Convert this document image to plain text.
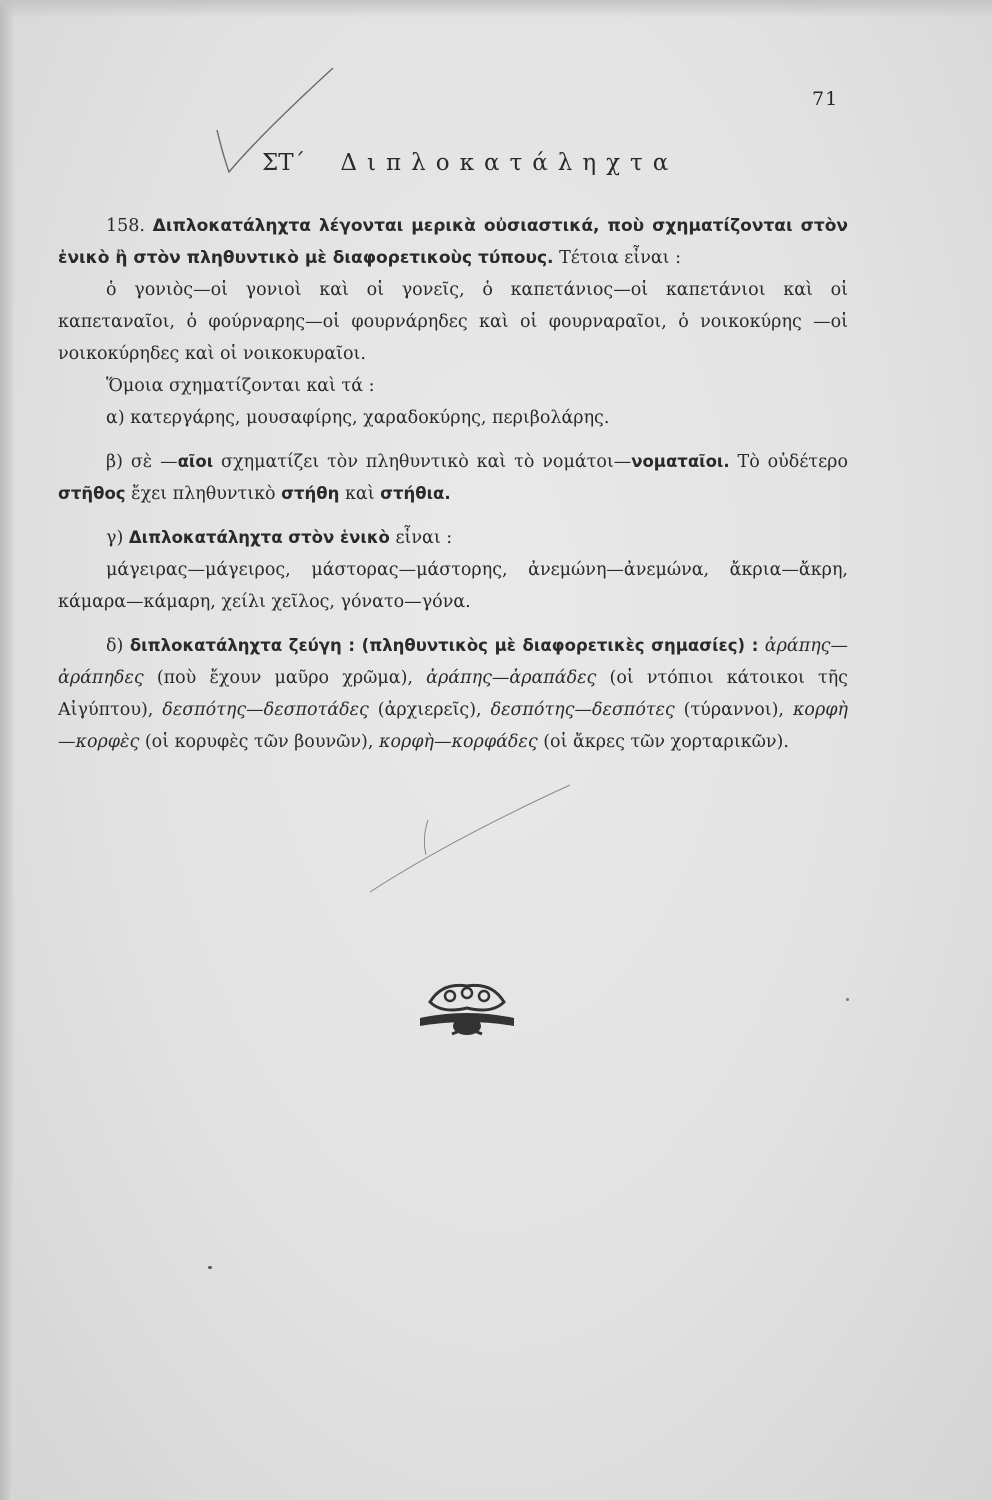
71
ΣΤ΄ Διπλοκατάληχτα

158. Διπλοκατάληχτα λέγονται μερικὰ οὐσιαστικά, ποὺ σχηματίζονται στὸν ἑνικὸ ἢ στὸν πληθυντικὸ μὲ διαφορετικοὺς τύπους. Τέτοια εἶναι :

ὁ γονιὸς—οἱ γονιοὶ καὶ οἱ γονεῖς, ὁ καπετάνιος—οἱ καπετάνιοι καὶ οἱ καπεταναῖοι, ὁ φούρναρης—οἱ φουρνάρηδες καὶ οἱ φουρναραῖοι, ὁ νοικοκύρης —οἱ νοικοκύρηδες καὶ οἱ νοικοκυραῖοι.

Ὅμοια σχηματίζονται καὶ τά :

α) κατεργάρης, μουσαφίρης, χαραδοκύρης, περιβολάρης.

β) σὲ —αῖοι σχηματίζει τὸν πληθυντικὸ καὶ τὸ νομάτοι—νοματαῖοι. Τὸ οὐδέτερο στῆθος ἔχει πληθυντικὸ στήθη καὶ στήθια.

γ) Διπλοκατάληχτα στὸν ἑνικὸ εἶναι :

μάγειρας—μάγειρος, μάστορας—μάστορης, ἀνεμώνη—ἀνεμώνα, ἄκρια—ἄκρη, κάμαρα—κάμαρη, χείλι χεῖλος, γόνατο—γόνα.

δ) διπλοκατάληχτα ζεύγη : (πληθυντικὸς μὲ διαφορετικὲς σημασίες) : ἀράπης—ἀράπηδες (ποὺ ἔχουν μαῦρο χρῶμα), ἀράπης—ἀραπάδες (οἱ ντόπιοι κάτοικοι τῆς Αἰγύπτου), δεσπότης—δεσποτάδες (ἀρχιερεῖς), δεσπότης—δεσπότες (τύραννοι), κορφὴ—κορφὲς (οἱ κορυφὲς τῶν βουνῶν), κορφὴ—κορφάδες (οἱ ἄκρες τῶν χορταρικῶν).
